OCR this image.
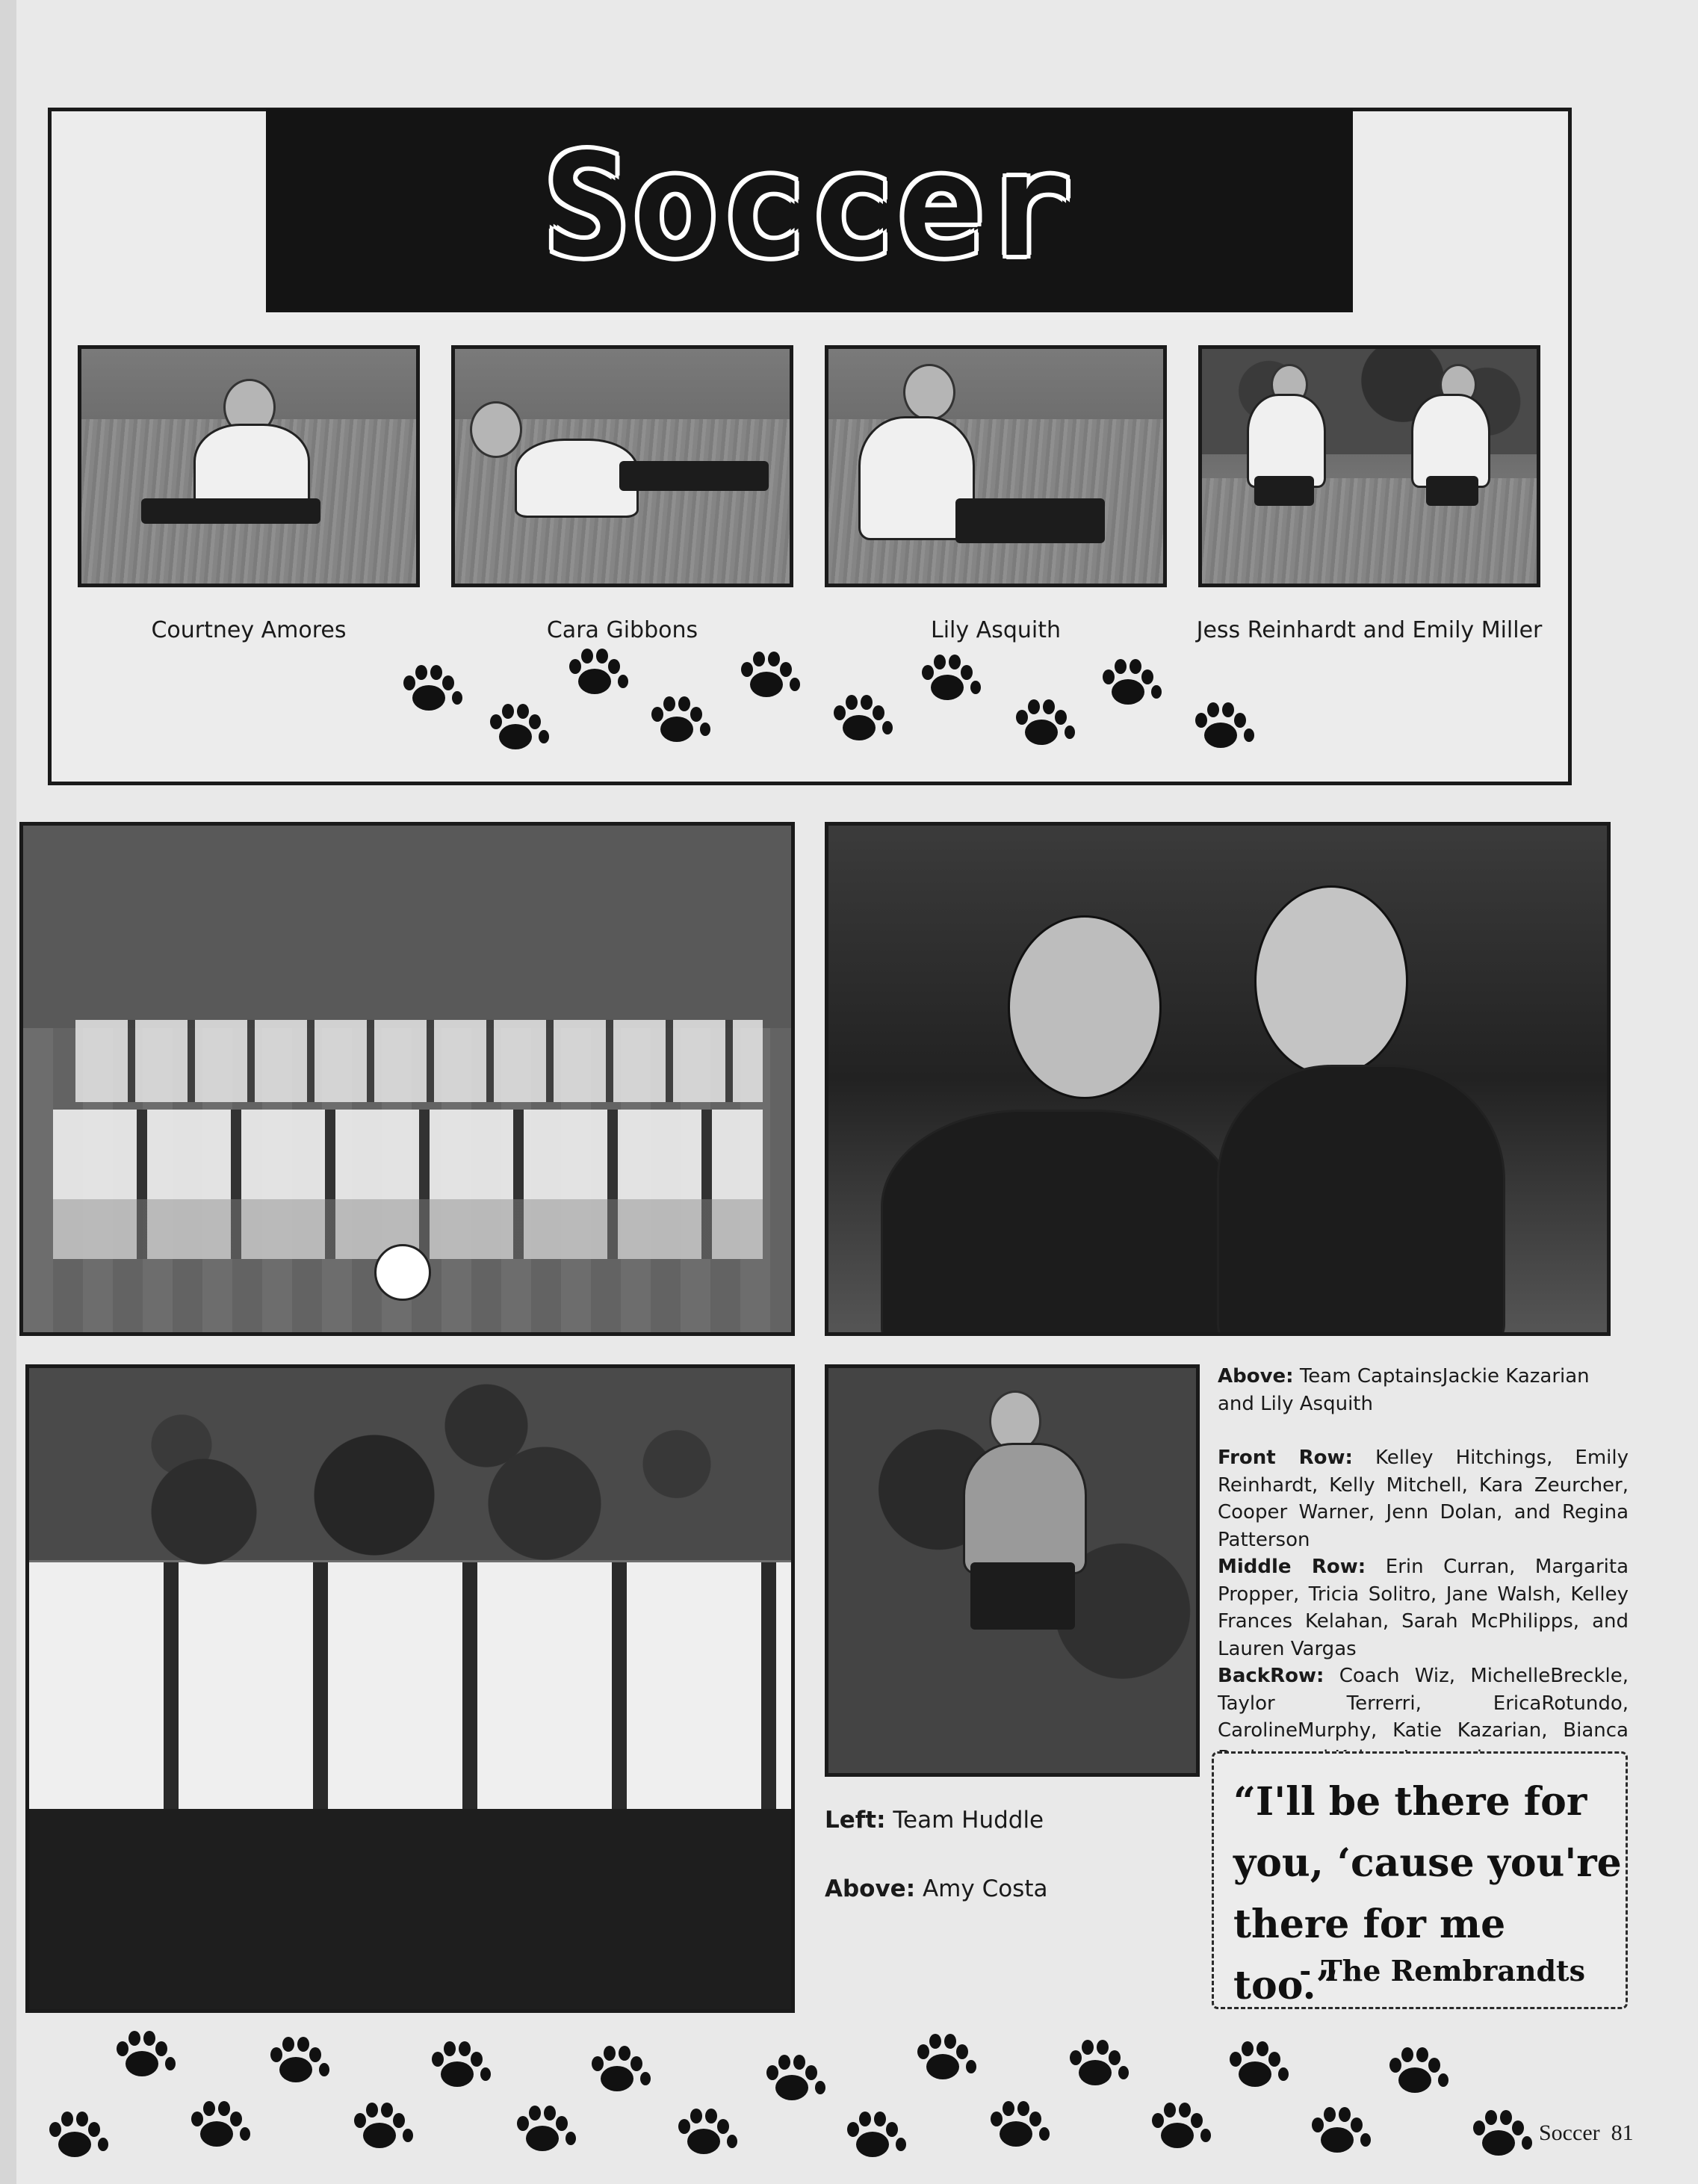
Soccer
Courtney Amores	Cara Gibbons	Lily Asquith	Jess Reinhardt and Emily Miller
Above: Team CaptainsJackie Kazarian and Lily Asquith
Front Row: Kelley Hitchings, Emily Reinhardt, Kelly Mitchell, Kara Zeurcher, Cooper Warner, Jenn Dolan, and Regina Patterson
Middle Row: Erin Curran, Margarita Propper, Tricia Solitro, Jane Walsh, Kelley Frances Kelahan, Sarah McPhilipps, and Lauren Vargas
BackRow: Coach Wiz, MichelleBreckle, Taylor Terrerri, EricaRotundo, CarolineMurphy, Katie Kazarian, Bianca
Left: Team Huddle
Above: Amy Costa
“I'll be there for you, ‘cause you're there for me too.”
- The Rembrandts
Soccer 81
